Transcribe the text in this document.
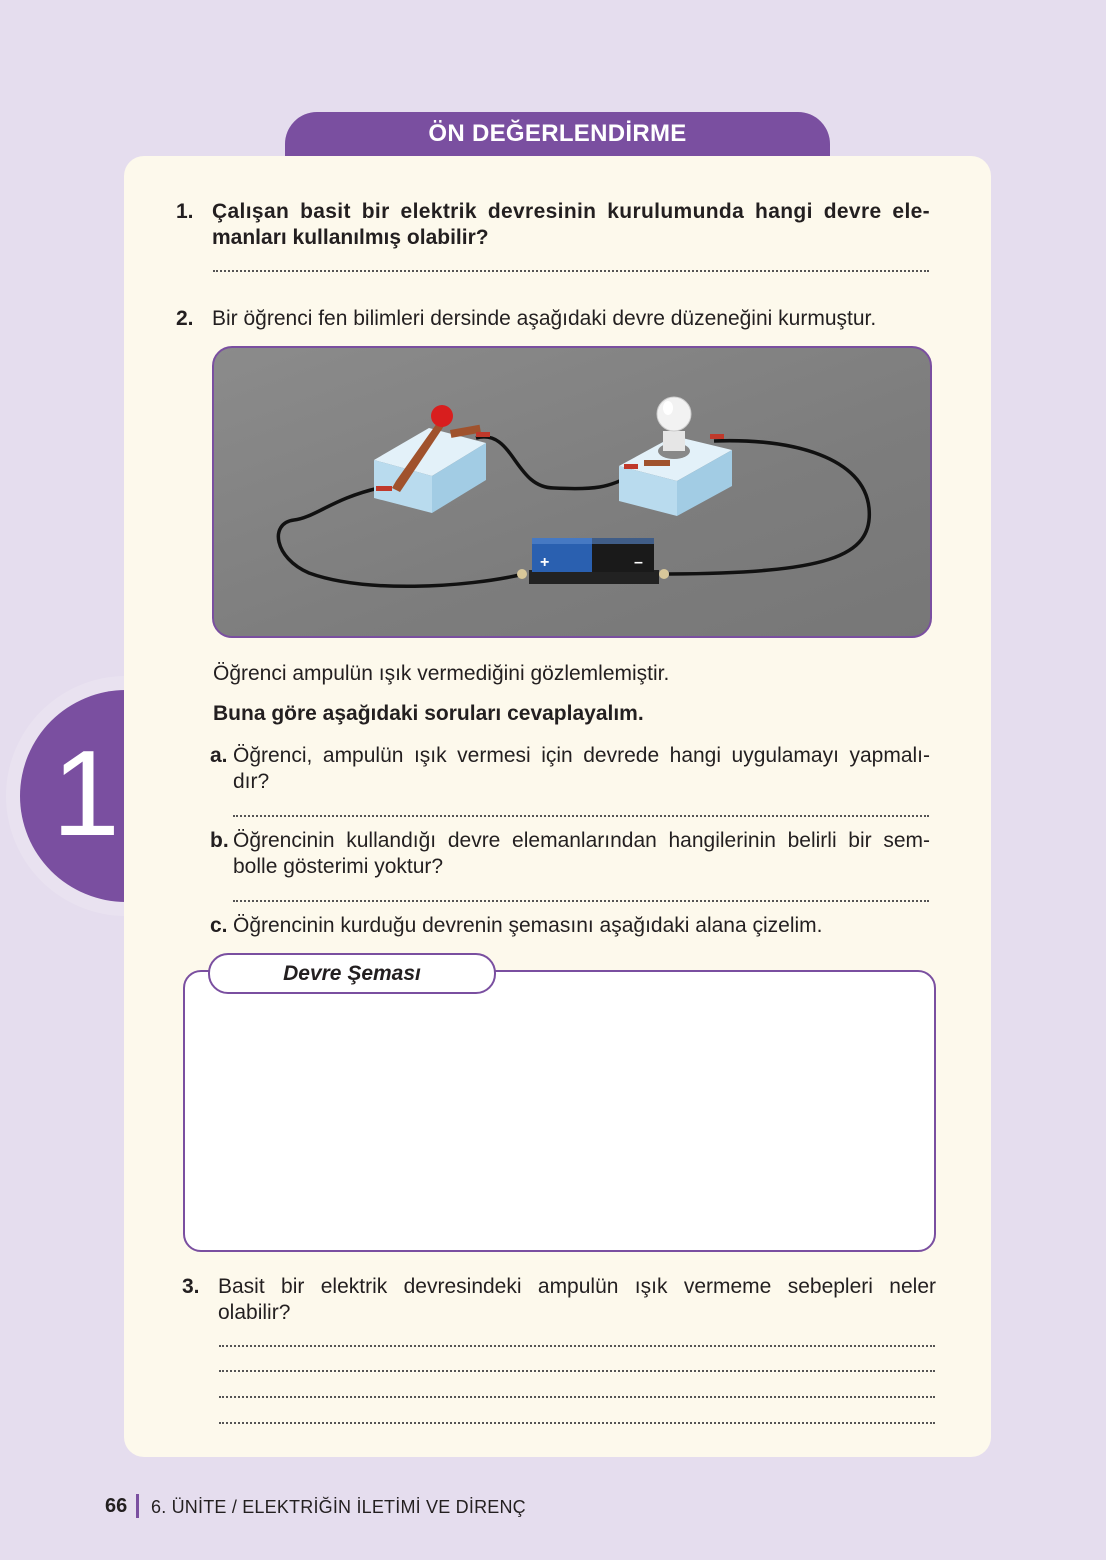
ÖN DEĞERLENDİRME
1
1. Çalışan basit bir elektrik devresinin kurulumunda hangi devre ele-
manları kullanılmış olabilir?
2. Bir öğrenci fen bilimleri dersinde aşağıdaki devre düzeneğini kurmuştur.
+	–
Öğrenci ampulün ışık vermediğini gözlemlemiştir.
Buna göre aşağıdaki soruları cevaplayalım.
a. Öğrenci, ampulün ışık vermesi için devrede hangi uygulamayı yapmalı-
dır?
b. Öğrencinin kullandığı devre elemanlarından hangilerinin belirli bir sem-
bolle gösterimi yoktur?
c. Öğrencinin kurduğu devrenin şemasını aşağıdaki alana çizelim.
Devre Şeması
3. Basit bir elektrik devresindeki ampulün ışık vermeme sebepleri neler
olabilir?
66 6. ÜNİTE / ELEKTRİĞİN İLETİMİ VE DİRENÇ
